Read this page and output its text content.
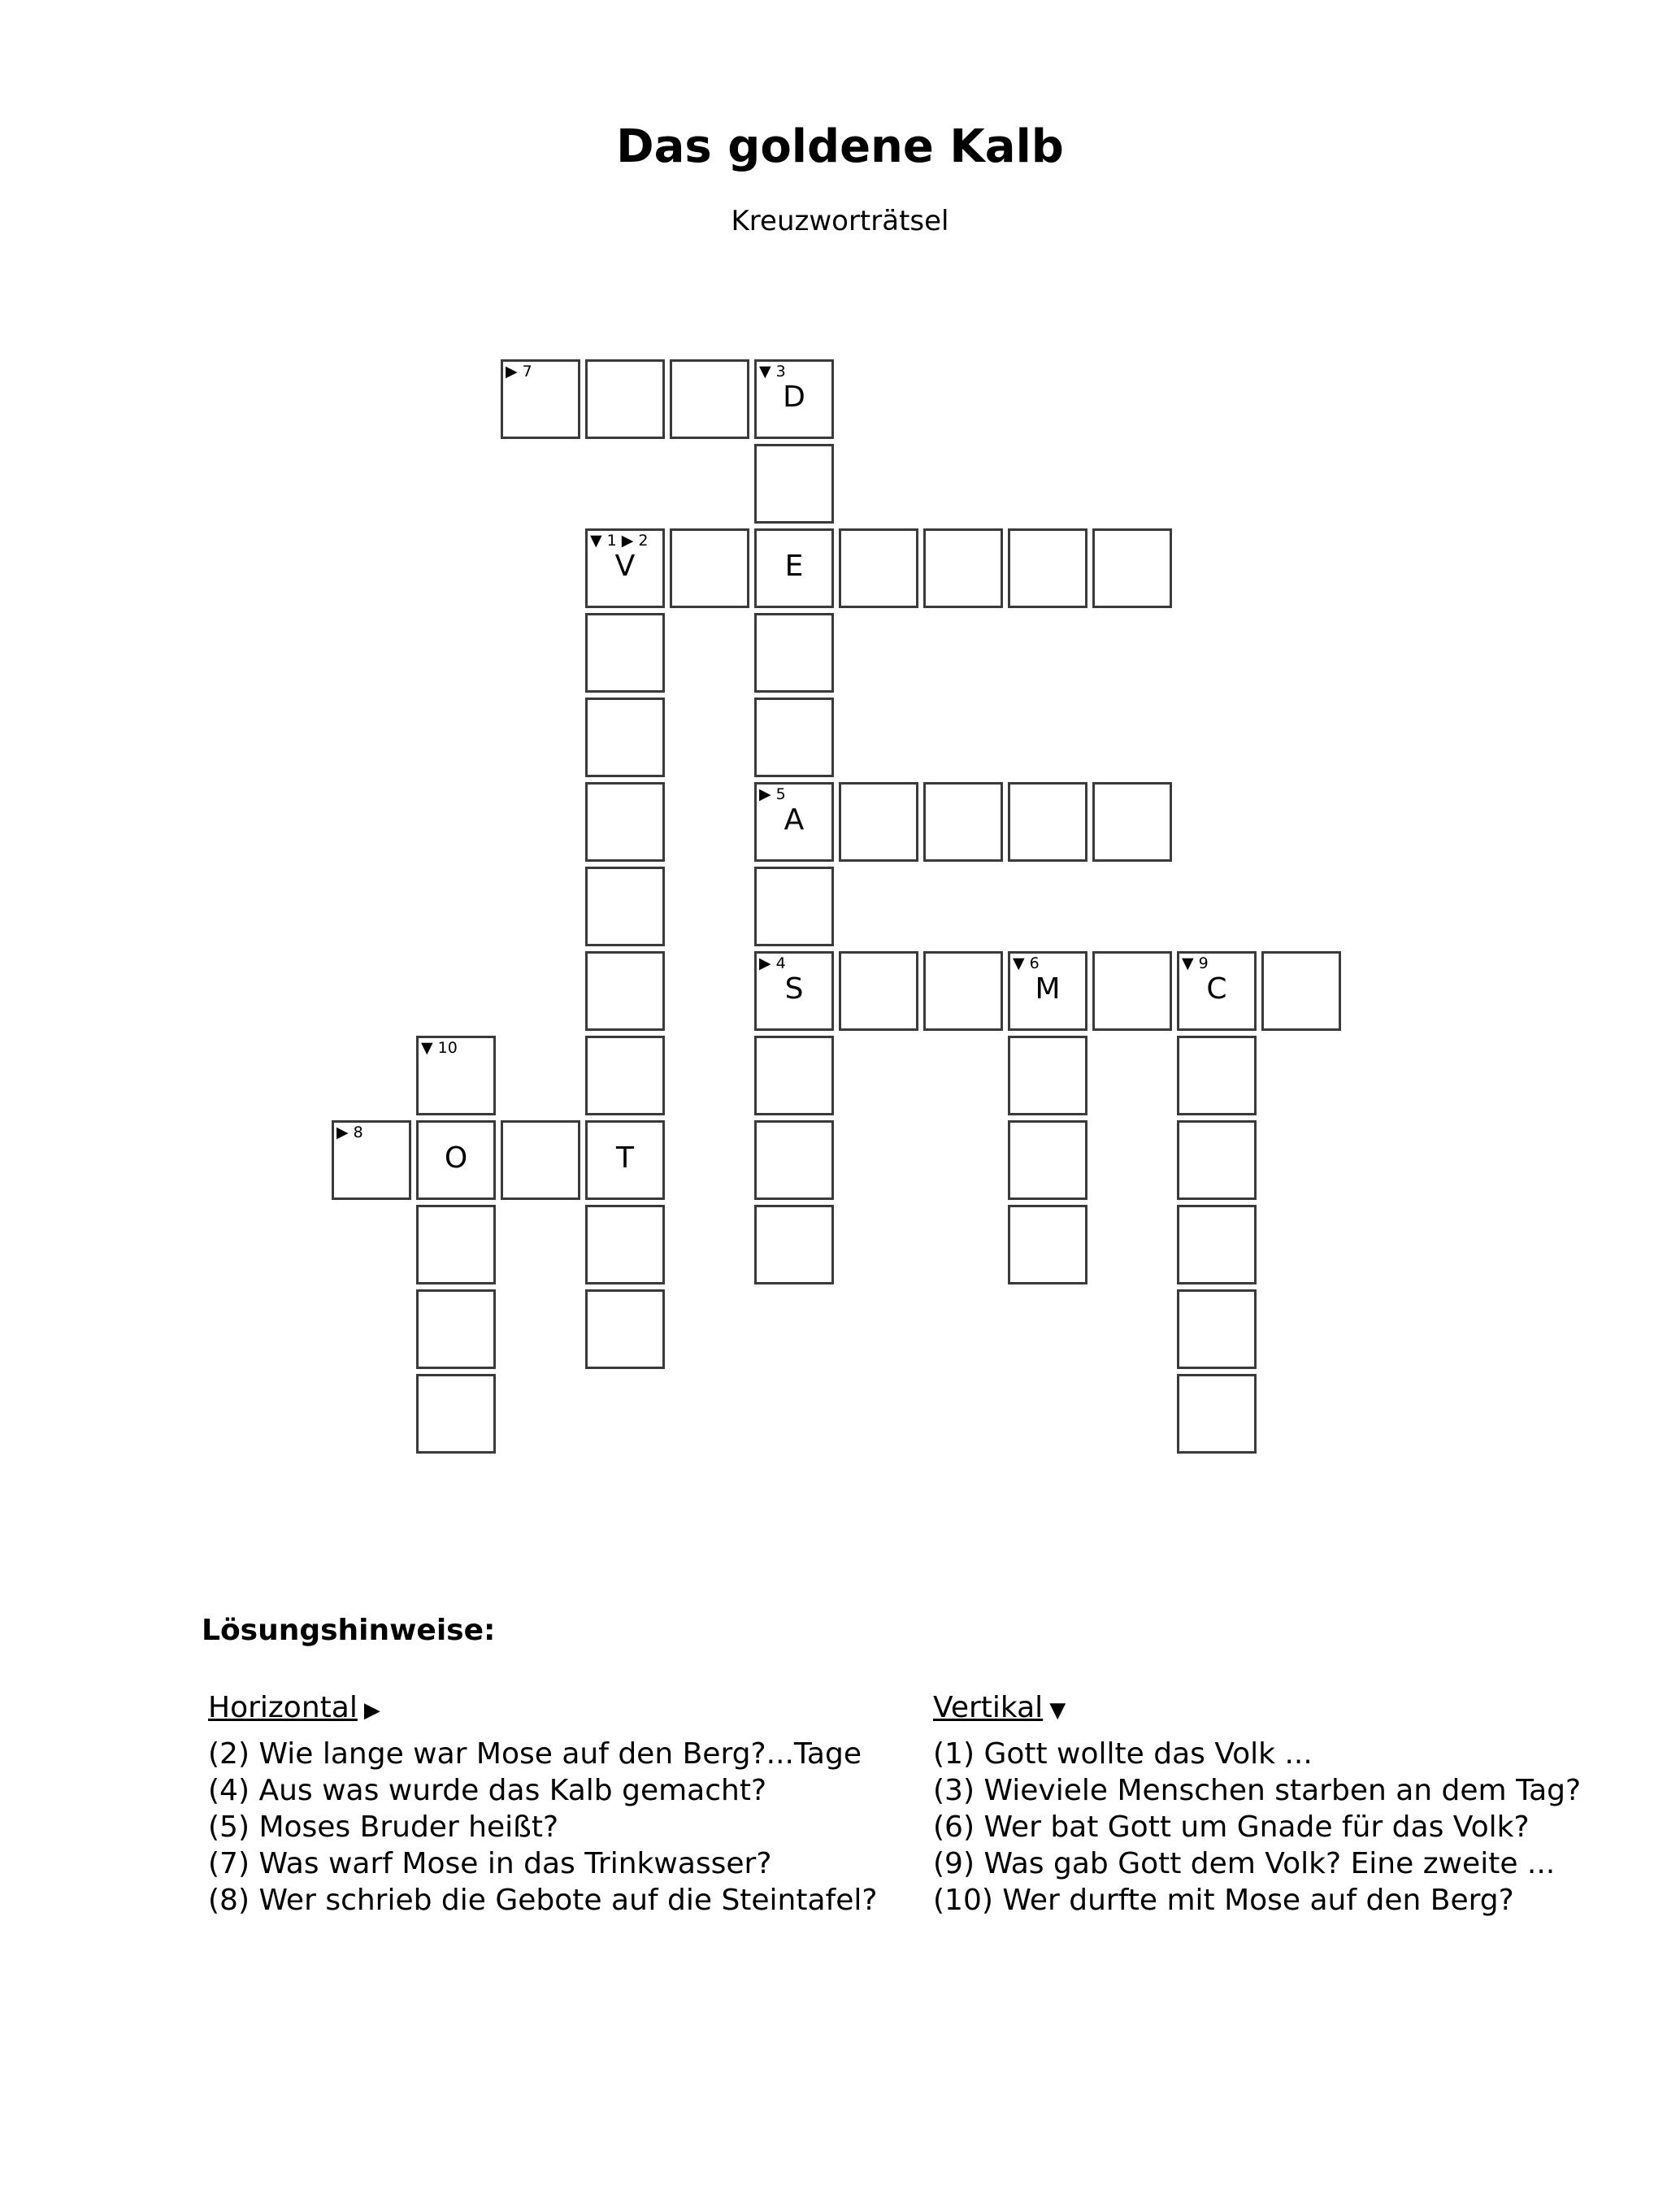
Das goldene Kalb
Kreuzworträtsel
▶ 7	▼ 3
D
▼ 1 ▶ 2
V	E
▶ 5
A
▶ 4
S
▼ 6
M
▼ 9
C
▼ 10
▶ 8
O	T
Lösungshinweise:
Horizontal ▶
(2) Wie lange war Mose auf den Berg?...Tage
(4) Aus was wurde das Kalb gemacht?
(5) Moses Bruder heißt?
(7) Was warf Mose in das Trinkwasser?
(8) Wer schrieb die Gebote auf die Steintafel?
Vertikal ▼
(1) Gott wollte das Volk ...
(3) Wieviele Menschen starben an dem Tag?
(6) Wer bat Gott um Gnade für das Volk?
(9) Was gab Gott dem Volk? Eine zweite ...
(10) Wer durfte mit Mose auf den Berg?
